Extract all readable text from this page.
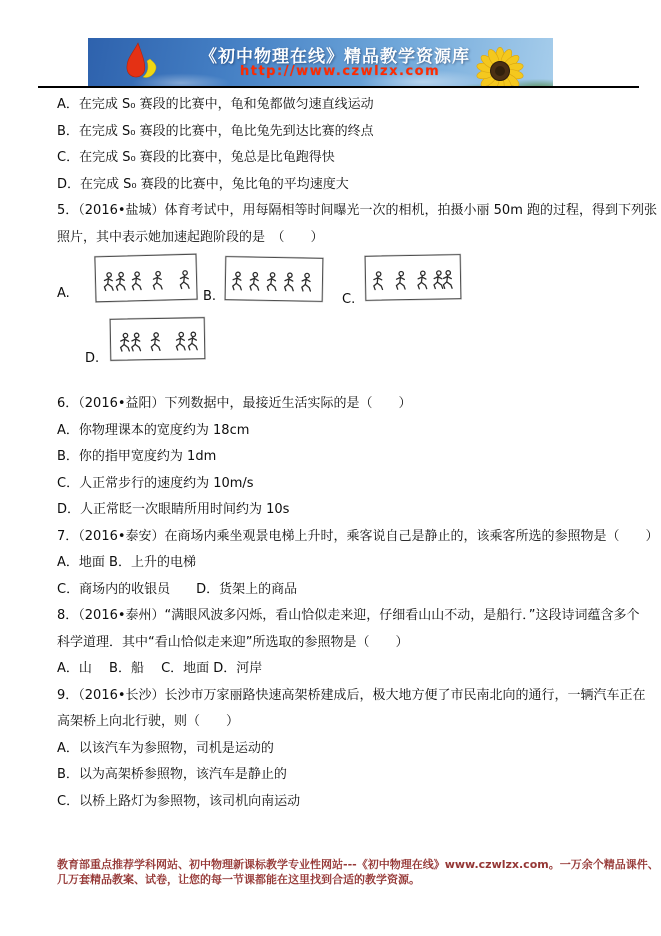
《初中物理在线》精品教学资源库
http://www.czwlzx.com
A．在完成 S₀ 赛段的比赛中，龟和兔都做匀速直线运动
B．在完成 S₀ 赛段的比赛中，龟比兔先到达比赛的终点
C．在完成 S₀ 赛段的比赛中，兔总是比龟跑得快
D．在完成 S₀ 赛段的比赛中，兔比龟的平均速度大
5．（2016•盐城）体育考试中，用每隔相等时间曝光一次的相机，拍摄小丽 50m 跑的过程，得到下列张
照片，其中表示她加速起跑阶段的是　（　　）
A.	B.	C.
D.
6．（2016•益阳）下列数据中，最接近生活实际的是（　　）
A．你物理课本的宽度约为 18cm
B．你的指甲宽度约为 1dm
C．人正常步行的速度约为 10m/s
D．人正常眨一次眼睛所用时间约为 10s
7．（2016•泰安）在商场内乘坐观景电梯上升时，乘客说自己是静止的，该乘客所选的参照物是（　　）
A．地面 B．上升的电梯
C．商场内的收银员　　D．货架上的商品
8．（2016•泰州）“满眼风波多闪烁，看山恰似走来迎，仔细看山山不动，是船行．”这段诗词蕴含多个
科学道理．其中“看山恰似走来迎”所选取的参照物是（　　）
A．山　 B．船　 C．地面 D．河岸
9．（2016•长沙）长沙市万家丽路快速高架桥建成后，极大地方便了市民南北向的通行，一辆汽车正在
高架桥上向北行驶，则（　　）
A．以该汽车为参照物，司机是运动的
B．以为高架桥参照物，该汽车是静止的
C．以桥上路灯为参照物，该司机向南运动
教育部重点推荐学科网站、初中物理新课标教学专业性网站---《初中物理在线》www.czwlzx.com。一万余个精品课件、
几万套精品教案、试卷，让您的每一节课都能在这里找到合适的教学资源。
